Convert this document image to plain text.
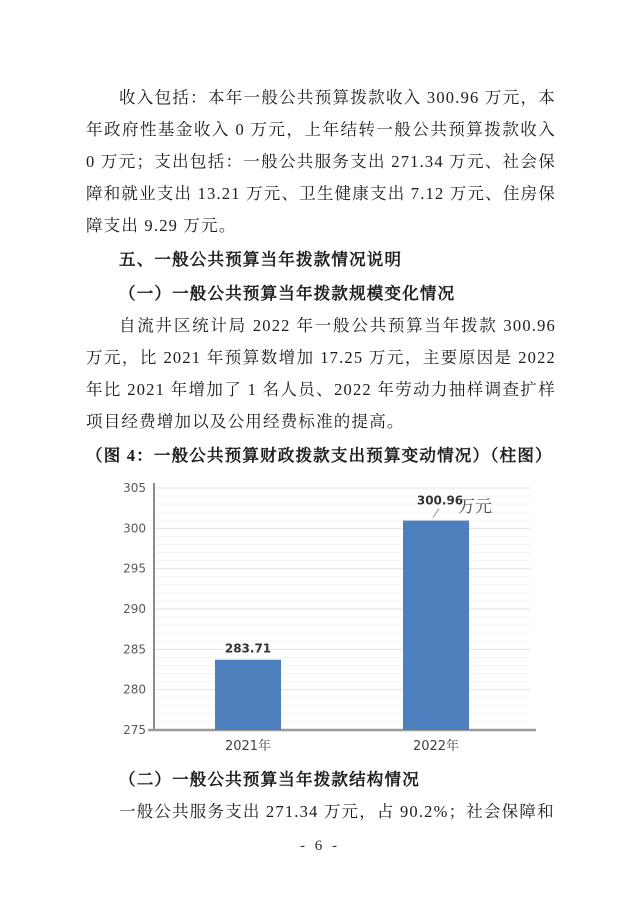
收入包括：本年一般公共预算拨款收入 300.96 万元，本年政府性基金收入 0 万元，上年结转一般公共预算拨款收入 0 万元；支出包括：一般公共服务支出 271.34 万元、社会保障和就业支出 13.21 万元、卫生健康支出 7.12 万元、住房保障支出 9.29 万元。

五、一般公共预算当年拨款情况说明

（一）一般公共预算当年拨款规模变化情况

自流井区统计局 2022 年一般公共预算当年拨款 300.96 万元，比 2021 年预算数增加 17.25 万元，主要原因是 2022 年比 2021 年增加了 1 名人员、2022 年劳动力抽样调查扩样项目经费增加以及公用经费标准的提高。

（图 4：一般公共预算财政拨款支出预算变动情况）（柱图）

275
280
285
290
295
300
305
283.71
2021年
300.96
2022年
万元

（二）一般公共预算当年拨款结构情况

一般公共服务支出 271.34 万元，占 90.2%；社会保障和

- 6 -
